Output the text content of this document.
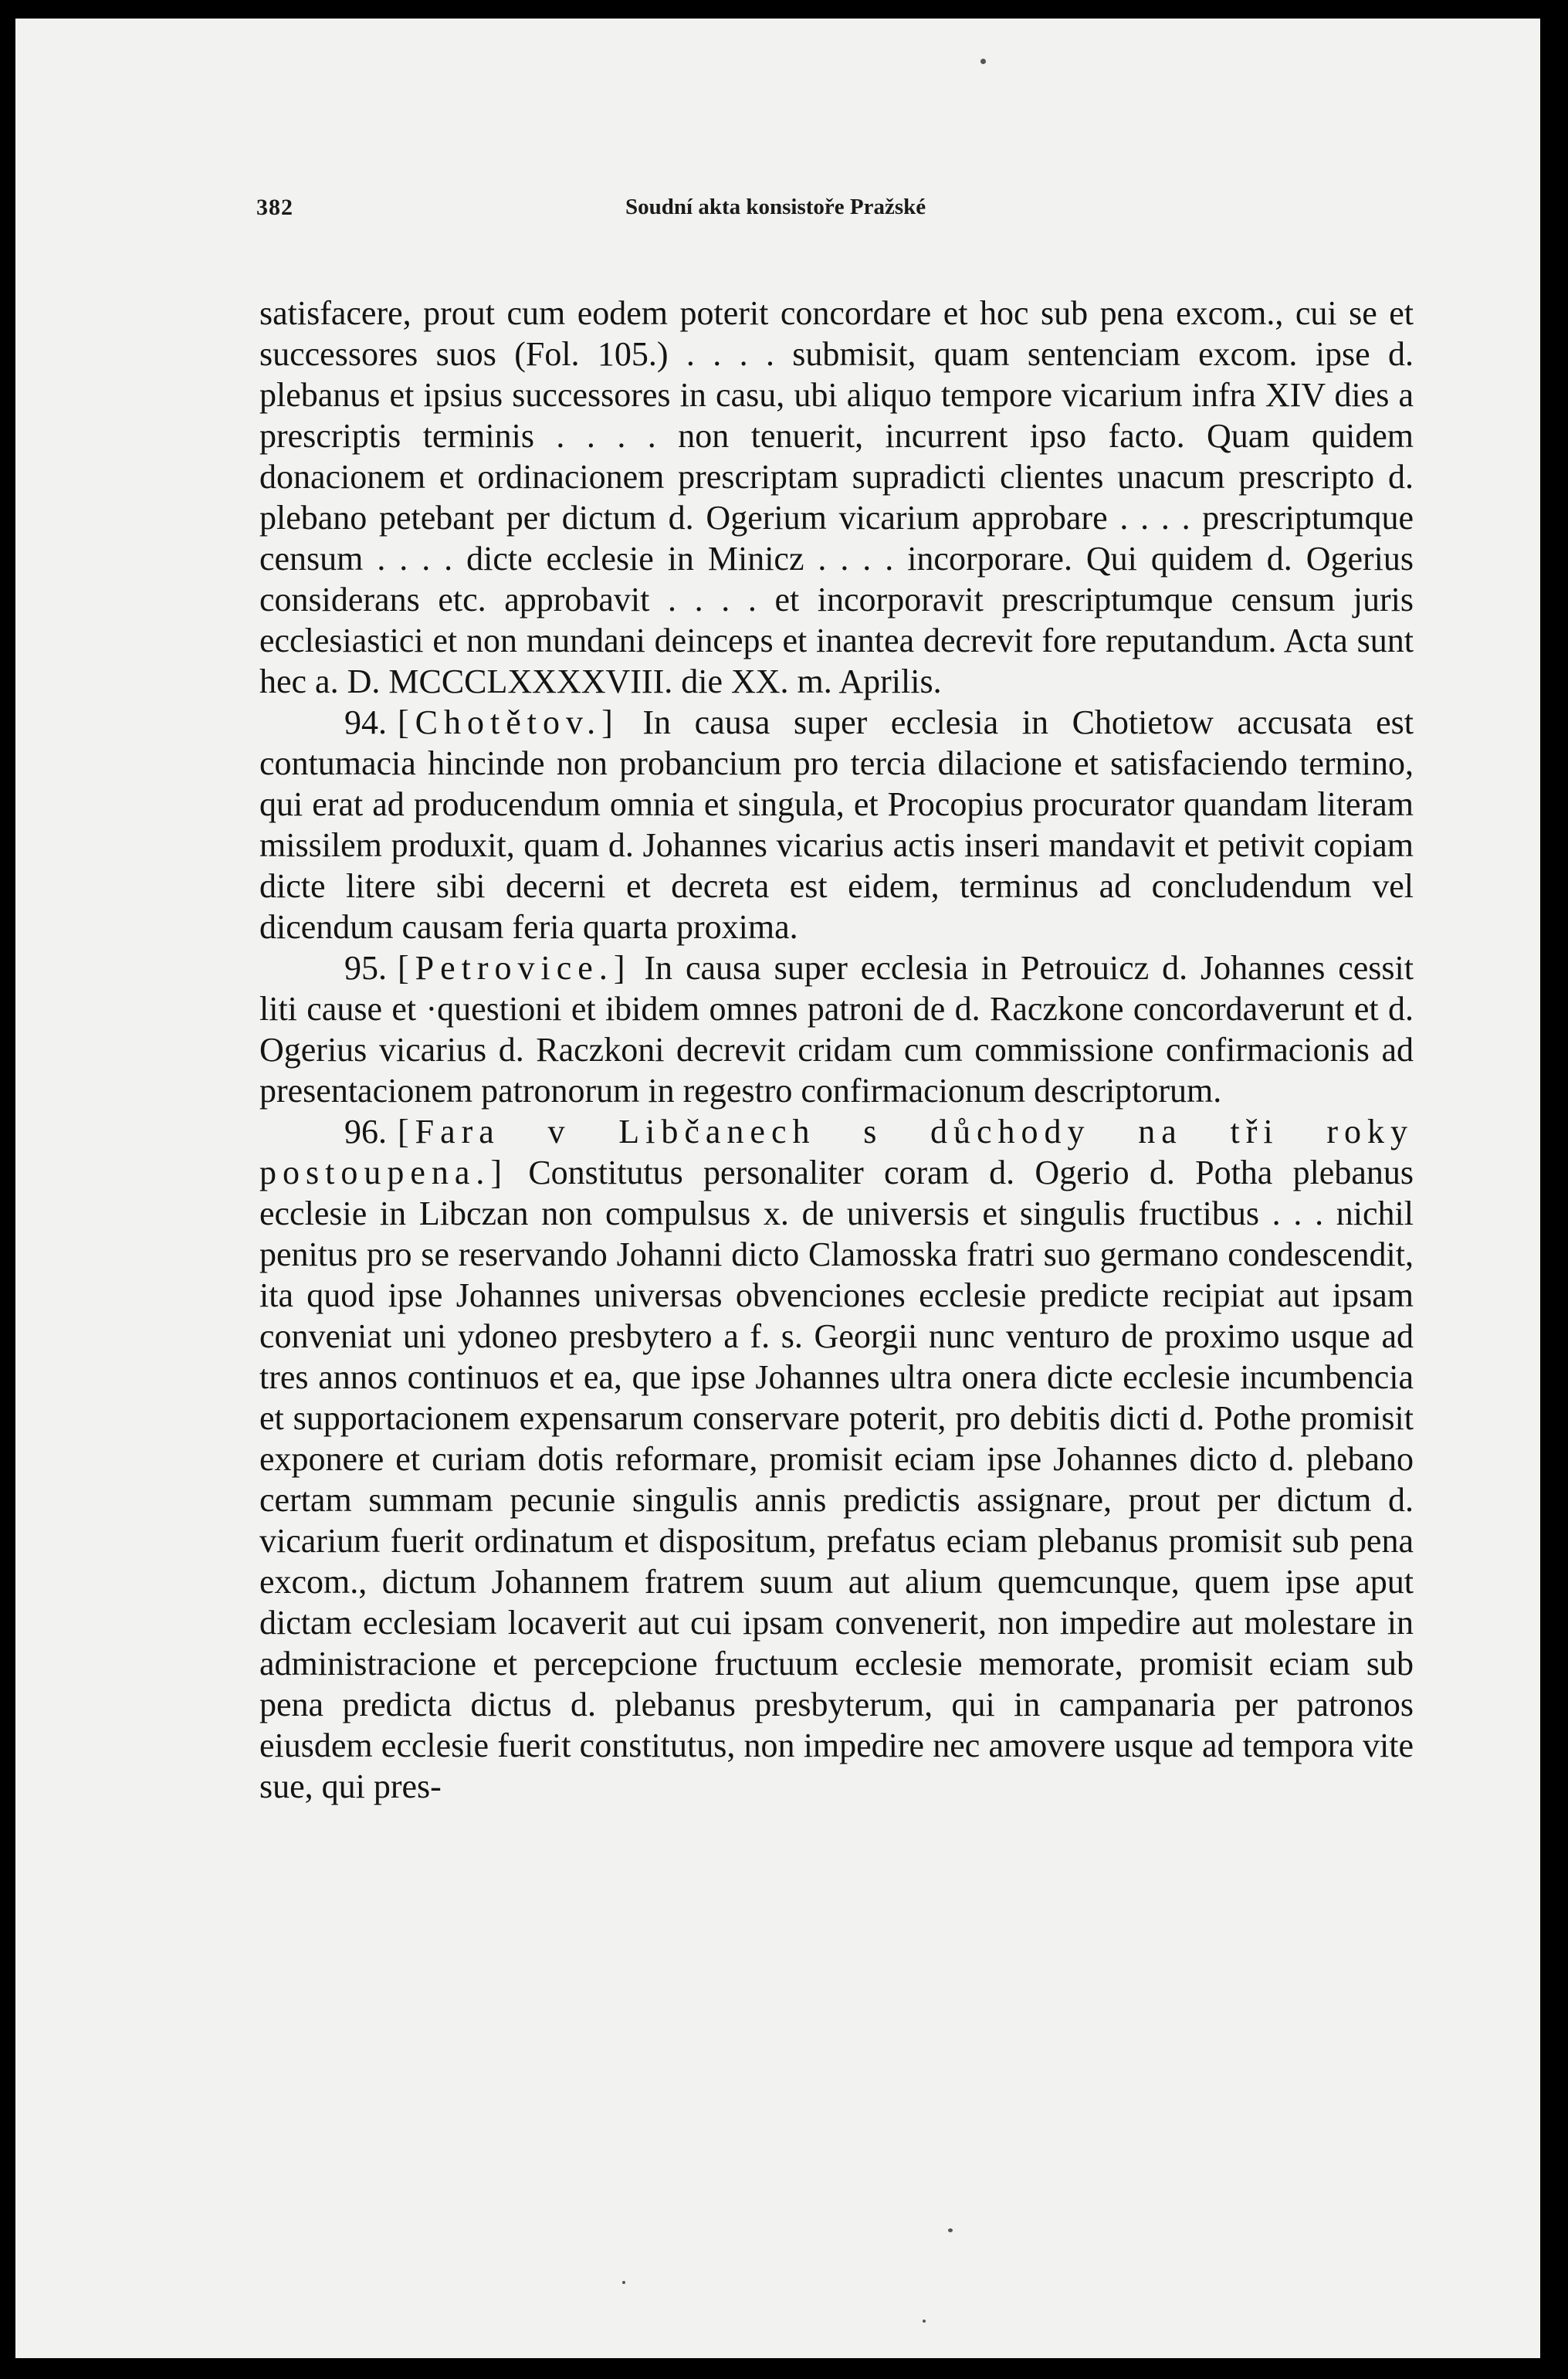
382	Soudní akta konsistoře Pražské

satisfacere, prout cum eodem poterit concordare et hoc sub pena excom., cui se et successores suos (Fol. 105.) . . . . submisit, quam sentenciam excom. ipse d. plebanus et ipsius successores in casu, ubi aliquo tempore vicarium infra XIV dies a prescriptis terminis . . . . non tenuerit, incurrent ipso facto. Quam quidem donacionem et ordinacionem prescriptam supradicti clientes unacum prescripto d. plebano petebant per dictum d. Ogerium vicarium approbare . . . . prescriptumque censum . . . . dicte ecclesie in Minicz . . . . incorporare. Qui quidem d. Ogerius considerans etc. approbavit . . . . et incorporavit prescriptumque censum juris ecclesiastici et non mundani deinceps et inantea decrevit fore reputandum. Acta sunt hec a. D. MCCCLXXXXVIII. die XX. m. Aprilis.

94. [Chotětov.] In causa super ecclesia in Chotietow accusata est contumacia hincinde non probancium pro tercia dilacione et satisfaciendo termino, qui erat ad producendum omnia et singula, et Procopius procurator quandam literam missilem produxit, quam d. Johannes vicarius actis inseri mandavit et petivit copiam dicte litere sibi decerni et decreta est eidem, terminus ad concludendum vel dicendum causam feria quarta proxima.

95. [Petrovice.] In causa super ecclesia in Petrouicz d. Johannes cessit liti cause et ·questioni et ibidem omnes patroni de d. Raczkone concordaverunt et d. Ogerius vicarius d. Raczkoni decrevit cridam cum commissione confirmacionis ad presentacionem patronorum in regestro confirmacionum descriptorum.

96. [Fara v Libčanech s důchody na tři roky postoupena.] Constitutus personaliter coram d. Ogerio d. Potha plebanus ecclesie in Libczan non compulsus x. de universis et singulis fructibus . . . nichil penitus pro se reservando Johanni dicto Clamosska fratri suo germano condescendit, ita quod ipse Johannes universas obvenciones ecclesie predicte recipiat aut ipsam conveniat uni ydoneo presbytero a f. s. Georgii nunc venturo de proximo usque ad tres annos continuos et ea, que ipse Johannes ultra onera dicte ecclesie incumbencia et supportacionem expensarum conservare poterit, pro debitis dicti d. Pothe promisit exponere et curiam dotis reformare, promisit eciam ipse Johannes dicto d. plebano certam summam pecunie singulis annis predictis assignare, prout per dictum d. vicarium fuerit ordinatum et dispositum, prefatus eciam plebanus promisit sub pena excom., dictum Johannem fratrem suum aut alium quemcunque, quem ipse aput dictam ecclesiam locaverit aut cui ipsam convenerit, non impedire aut molestare in administracione et percepcione fructuum ecclesie memorate, promisit eciam sub pena predicta dictus d. plebanus presbyterum, qui in campanaria per patronos eiusdem ecclesie fuerit constitutus, non impedire nec amovere usque ad tempora vite sue, qui pres-
